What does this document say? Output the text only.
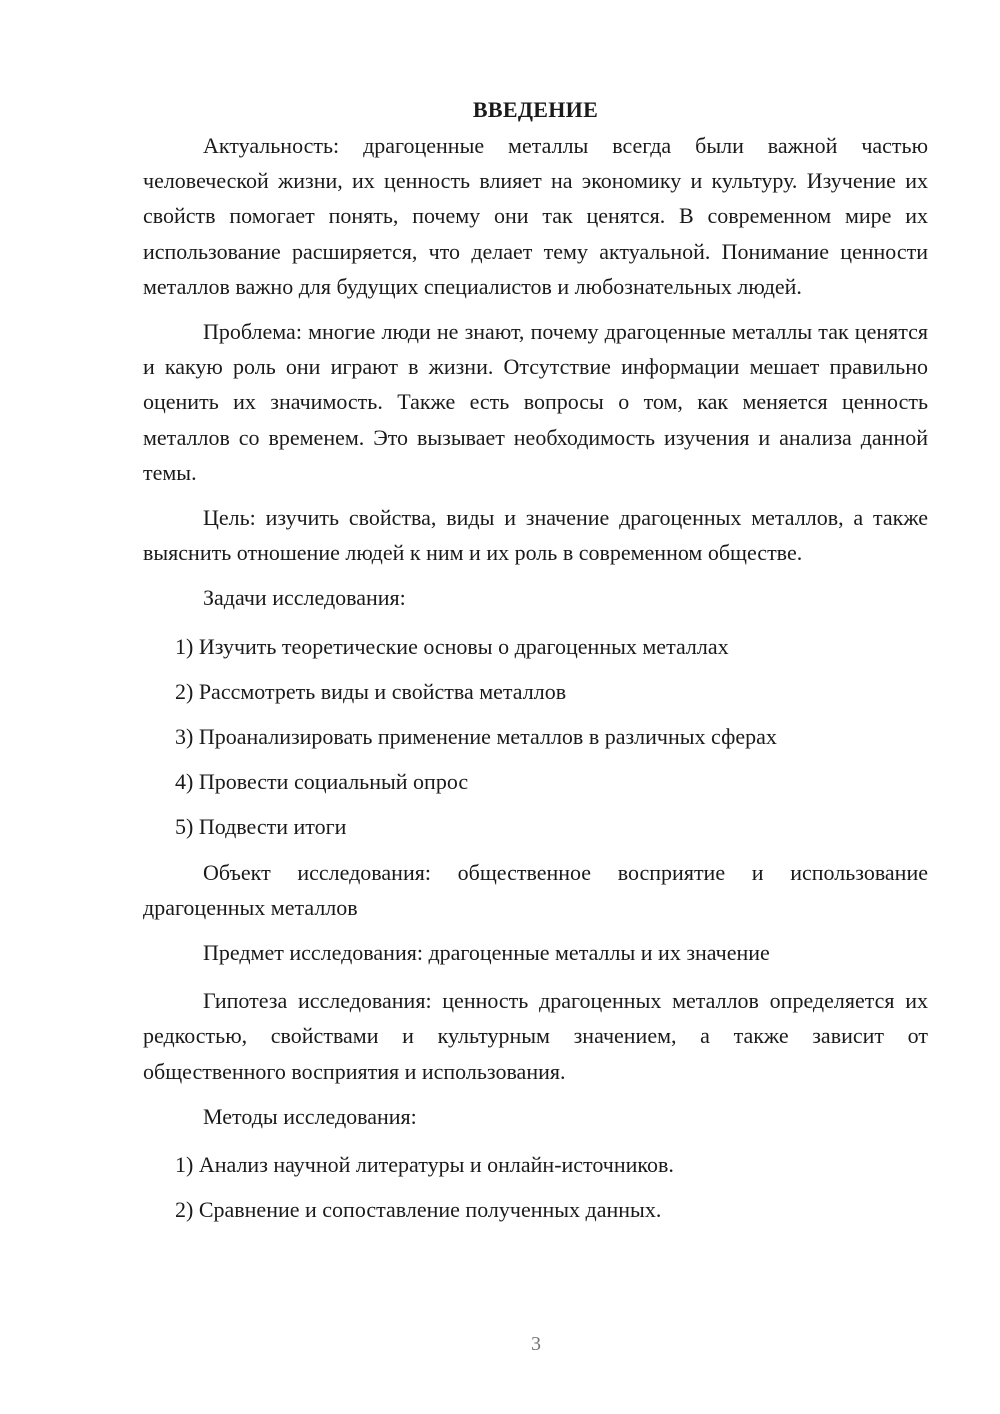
ВВЕДЕНИЕ

Актуальность: драгоценные металлы всегда были важной частью человеческой жизни, их ценность влияет на экономику и культуру. Изучение их свойств помогает понять, почему они так ценятся. В современном мире их использование расширяется, что делает тему актуальной. Понимание ценности металлов важно для будущих специалистов и любознательных людей.

Проблема: многие люди не знают, почему драгоценные металлы так ценятся и какую роль они играют в жизни. Отсутствие информации мешает правильно оценить их значимость. Также есть вопросы о том, как меняется ценность металлов со временем. Это вызывает необходимость изучения и анализа данной темы.

Цель: изучить свойства, виды и значение драгоценных металлов, а также выяснить отношение людей к ним и их роль в современном обществе.

Задачи исследования:

1) Изучить теоретические основы о драгоценных металлах
2) Рассмотреть виды и свойства металлов
3) Проанализировать применение металлов в различных сферах
4) Провести социальный опрос
5) Подвести итоги

Объект исследования: общественное восприятие и использование драгоценных металлов

Предмет исследования: драгоценные металлы и их значение

Гипотеза исследования: ценность драгоценных металлов определяется их редкостью, свойствами и культурным значением, а также зависит от общественного восприятия и использования.

Методы исследования:

1) Анализ научной литературы и онлайн-источников.
2) Сравнение и сопоставление полученных данных.
3
